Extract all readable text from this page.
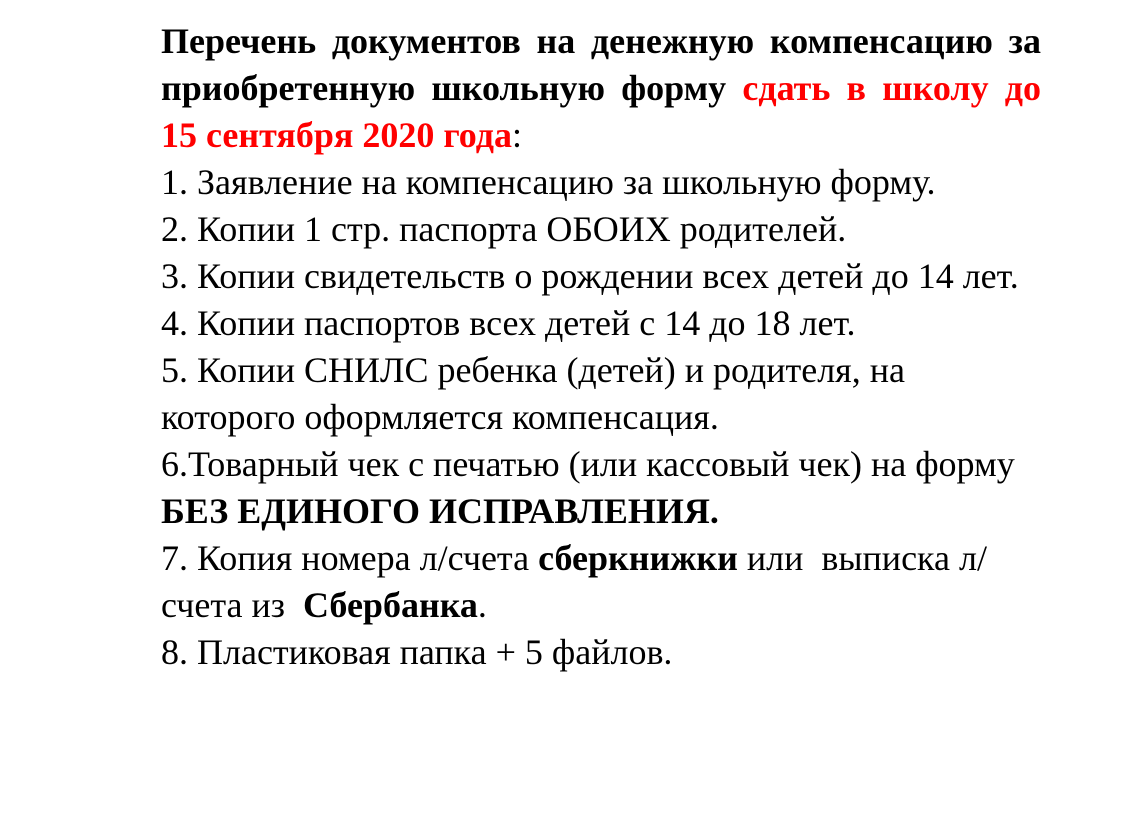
Перечень документов на денежную компенсацию за приобретенную школьную форму сдать в школу до 15 сентября 2020 года:
1. Заявление на компенсацию за школьную форму.
2. Копии 1 стр. паспорта ОБОИХ родителей.
3. Копии свидетельств о рождении всех детей до 14 лет.
4. Копии паспортов всех детей с 14 до 18 лет.
5. Копии СНИЛС ребенка (детей) и родителя, на которого оформляется компенсация.
6.Товарный чек с печатью (или кассовый чек) на форму БЕЗ ЕДИНОГО ИСПРАВЛЕНИЯ.
7. Копия номера л/счета сберкнижки или  выписка л/счета из  Сбербанка.
8. Пластиковая папка + 5 файлов.
